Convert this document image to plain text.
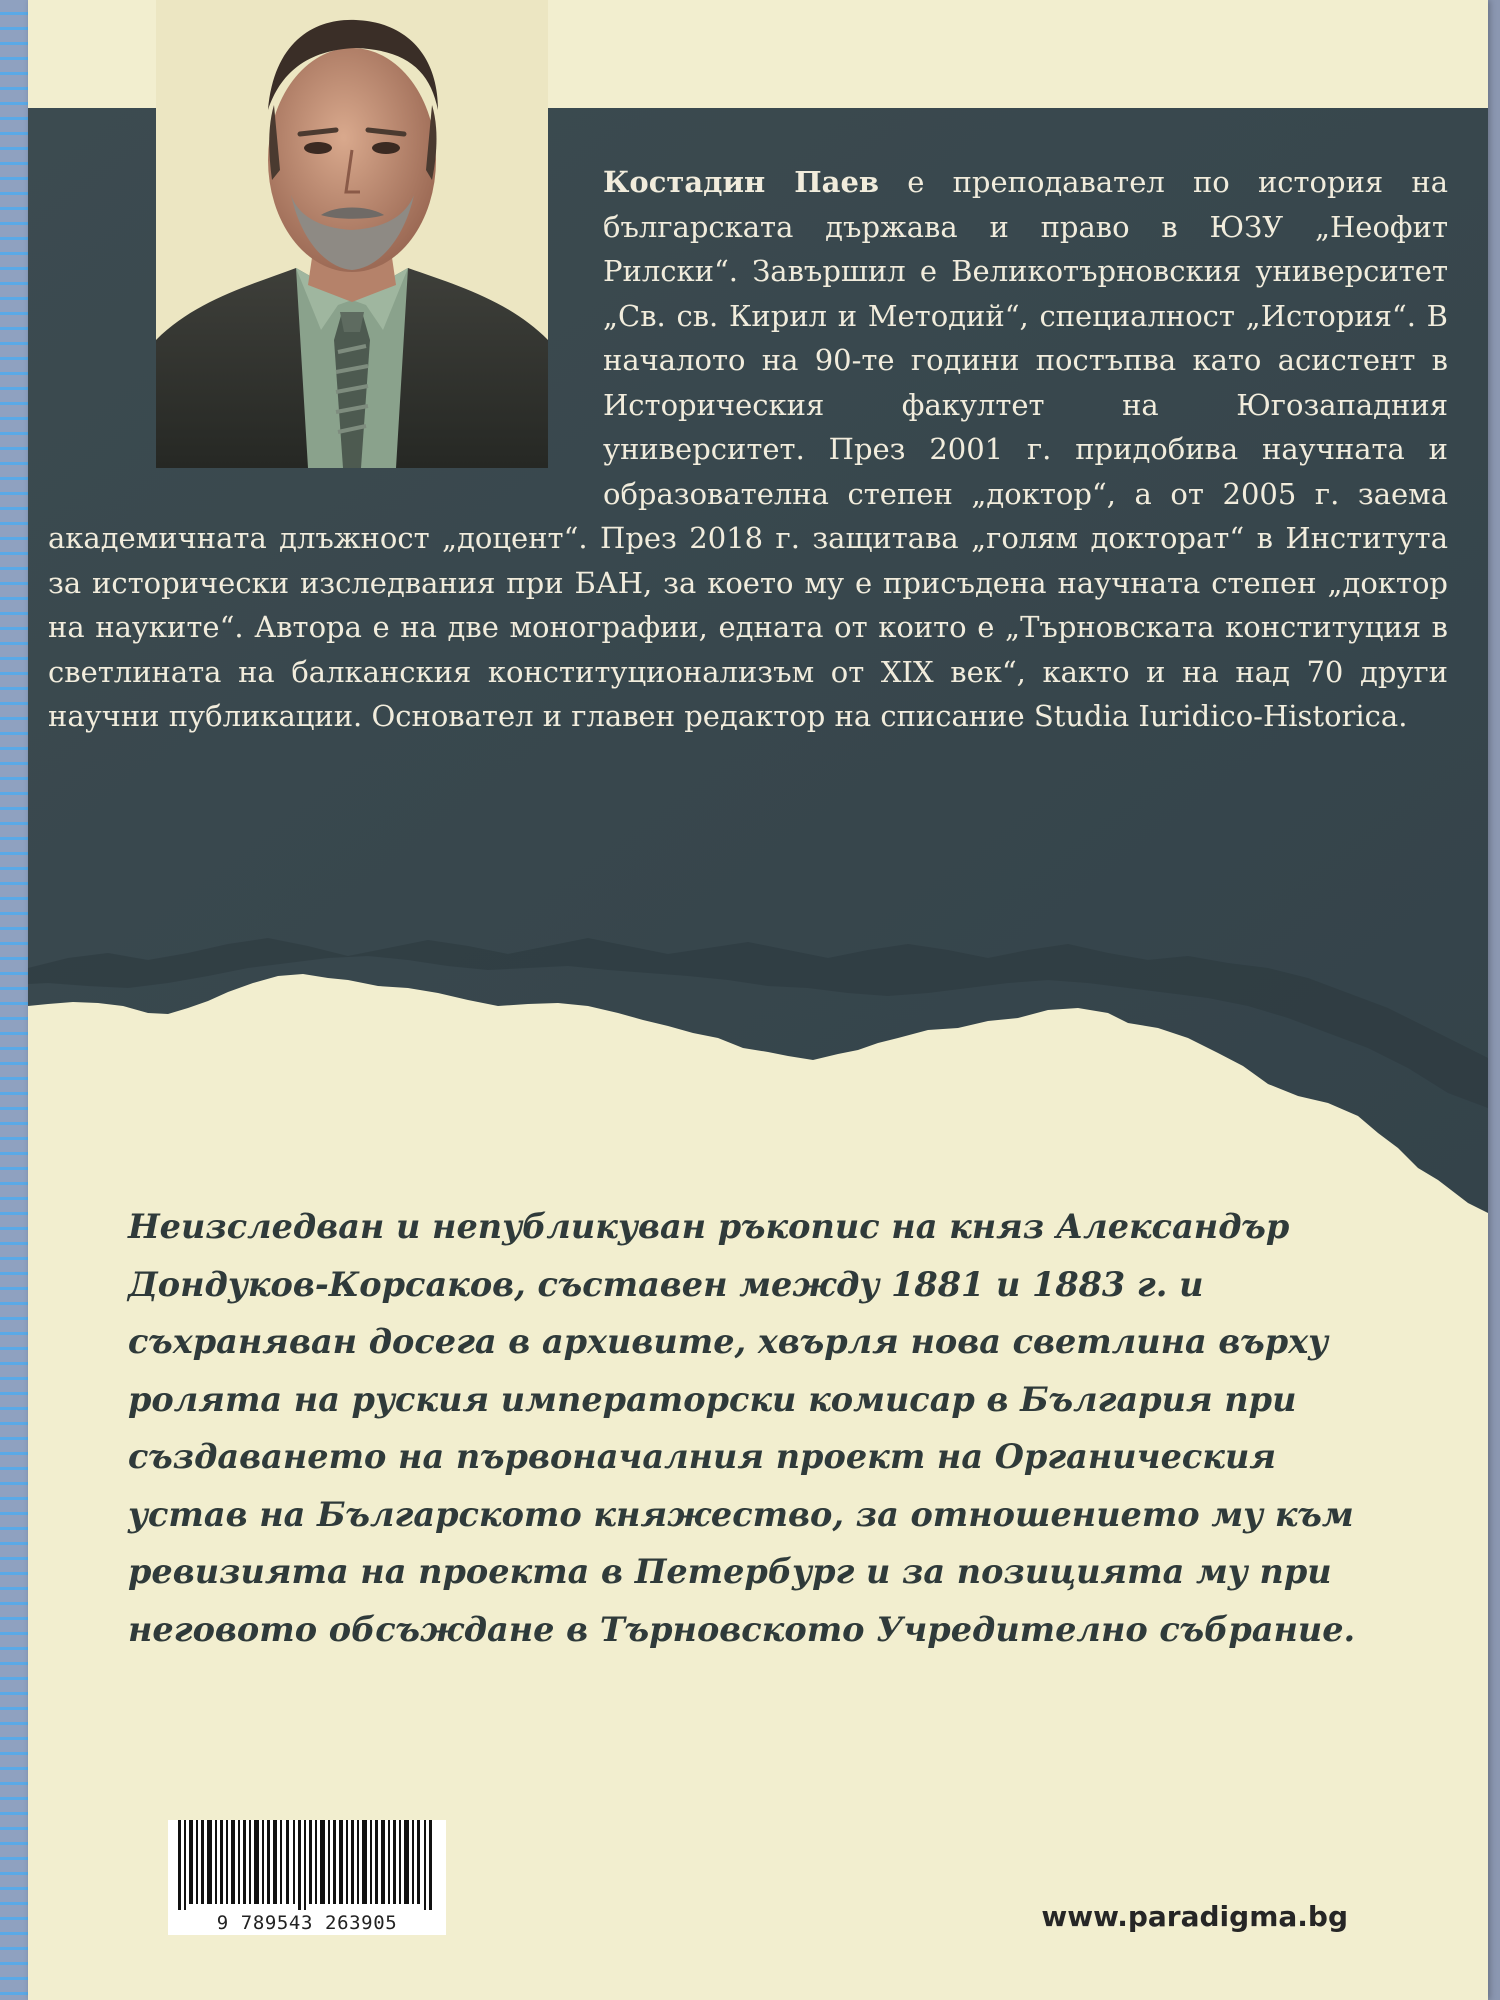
Костадин Паев е преподавател по история на българската държава и право в ЮЗУ „Неофит Рилски“. Завършил е Великотърновския университет „Св. св. Кирил и Методий“, специалност „История“. В началото на 90-те години постъпва като асистент в Историческия факултет на Югозападния университет. През 2001 г. придобива научната и образователна степен „доктор“, а от 2005 г. заема академичната длъжност „доцент“. През 2018 г. защитава „голям докторат“ в Института за исторически изследвания при БАН, за което му е присъдена научната степен „доктор на науките“. Автора е на две монографии, едната от които е „Търновската конституция в светлината на балканския конституционализъм от XIX век“, както и на над 70 други научни публикации. Основател и главен редактор на списание Studia Iuridico-Historica.

Неизследван и непубликуван ръкопис на княз Александър Дондуков-Корсаков, съставен между 1881 и 1883 г. и съхраняван досега в архивите, хвърля нова светлина върху ролята на руския императорски комисар в България при създаването на първоначалния проект на Органическия устав на Българското княжество, за отношението му към ревизията на проекта в Петербург и за позицията му при неговото обсъждане в Търновското Учредително събрание.

9 789543 263905	www.paradigma.bg
